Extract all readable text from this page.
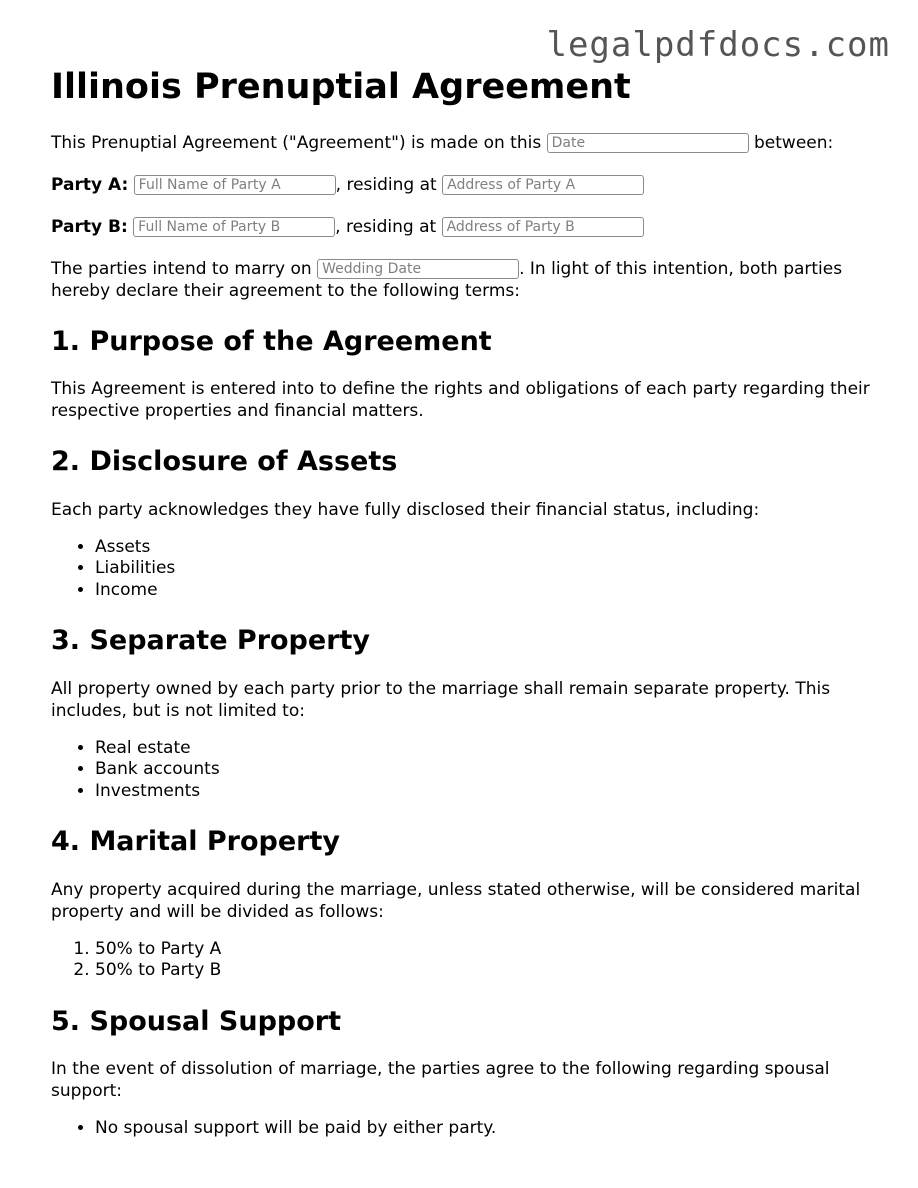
legalpdfdocs.com
Illinois Prenuptial Agreement

This Prenuptial Agreement ("Agreement") is made on this Date	between:

Party A: Full Name of Party A	, residing at Address of Party A

Party B: Full Name of Party B	, residing at Address of Party B

The parties intend to marry on Wedding Date	. In light of this intention, both parties hereby declare their agreement to the following terms:

1. Purpose of the Agreement

This Agreement is entered into to define the rights and obligations of each party regarding their respective properties and financial matters.

2. Disclosure of Assets

Each party acknowledges they have fully disclosed their financial status, including:

• Assets
• Liabilities
• Income
3. Separate Property

All property owned by each party prior to the marriage shall remain separate property. This includes, but is not limited to:

• Real estate
• Bank accounts
• Investments
4. Marital Property

Any property acquired during the marriage, unless stated otherwise, will be considered marital property and will be divided as follows:

1. 50% to Party A
2. 50% to Party B
5. Spousal Support

In the event of dissolution of marriage, the parties agree to the following regarding spousal support:

• No spousal support will be paid by either party.
